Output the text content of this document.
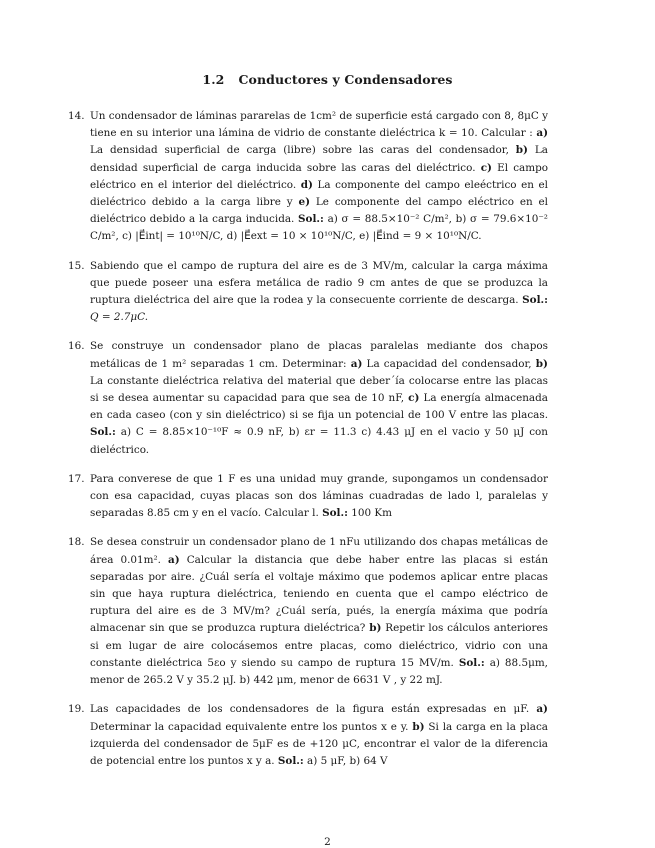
1.2 Conductores y Condensadores
14. Un condensador de láminas pararelas de 1cm² de superficie está cargado con 8, 8μC y tiene en su interior una lámina de vidrio de constante dieléctrica k = 10. Calcular : a) La densidad superficial de carga (libre) sobre las caras del condensador, b) La densidad superficial de carga inducida sobre las caras del dieléctrico. c) El campo eléctrico en el interior del dieléctrico. d) La componente del campo eleéctrico en el dieléctrico debido a la carga libre y e) Le componente del campo eléctrico en el dieléctrico debido a la carga inducida. Sol.: a) σ = 88.5×10⁻² C/m², b) σ = 79.6×10⁻² C/m², c) |E⃗int| = 10¹⁰N/C, d) |E⃗ext = 10 × 10¹⁰N/C, e) |E⃗ind = 9 × 10¹⁰N/C.
15. Sabiendo que el campo de ruptura del aire es de 3 MV/m, calcular la carga máxima que puede poseer una esfera metálica de radio 9 cm antes de que se produzca la ruptura dieléctrica del aire que la rodea y la consecuente corriente de descarga. Sol.: Q = 2.7μC.
16. Se construye un condensador plano de placas paralelas mediante dos chapos metálicas de 1 m² separadas 1 cm. Determinar: a) La capacidad del condensador, b) La constante dieléctrica relativa del material que deber´ía colocarse entre las placas si se desea aumentar su capacidad para que sea de 10 nF, c) La energía almacenada en cada caseo (con y sin dieléctrico) si se fija un potencial de 100 V entre las placas. Sol.: a) C = 8.85×10⁻¹⁰F ≈ 0.9 nF, b) εr = 11.3 c) 4.43 μJ en el vacio y 50 μJ con dieléctrico.
17. Para converese de que 1 F es una unidad muy grande, supongamos un condensador con esa capacidad, cuyas placas son dos láminas cuadradas de lado l, paralelas y separadas 8.85 cm y en el vacío. Calcular l. Sol.: 100 Km
18. Se desea construir un condensador plano de 1 nFu utilizando dos chapas metálicas de área 0.01m². a) Calcular la distancia que debe haber entre las placas si están separadas por aire. ¿Cuál sería el voltaje máximo que podemos aplicar entre placas sin que haya ruptura dieléctrica, teniendo en cuenta que el campo eléctrico de ruptura del aire es de 3 MV/m? ¿Cuál sería, pués, la energía máxima que podría almacenar sin que se produzca ruptura dieléctrica? b) Repetir los cálculos anteriores si em lugar de aire colocásemos entre placas, como dieléctrico, vidrio con una constante dieléctrica 5εo y siendo su campo de ruptura 15 MV/m. Sol.: a) 88.5μm, menor de 265.2 V y 35.2 μJ. b) 442 μm, menor de 6631 V , y 22 mJ.
19. Las capacidades de los condensadores de la figura están expresadas en μF. a) Determinar la capacidad equivalente entre los puntos x e y. b) Si la carga en la placa izquierda del condensador de 5μF es de +120 μC, encontrar el valor de la diferencia de potencial entre los puntos x y a. Sol.: a) 5 μF, b) 64 V
2
